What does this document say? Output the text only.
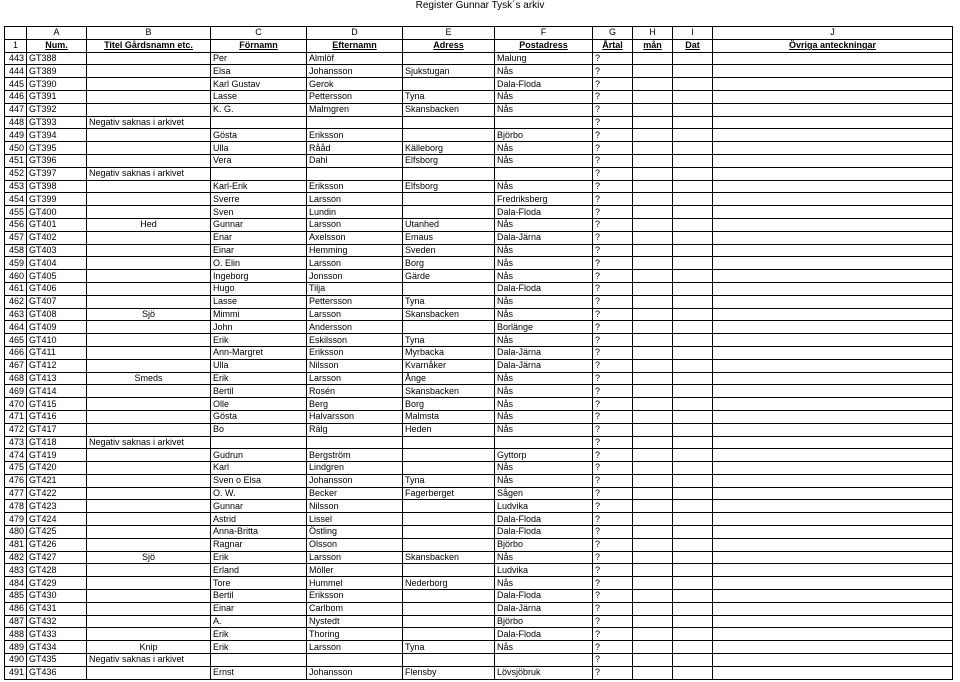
Register Gunnar Tysk´s arkiv
	A	B	C	D	E	F	G	H	I	J
1	Num.	Titel Gårdsnamn etc.	Förnamn	Efternamn	Adress	Postadress	Årtal	mån	Dat	Övriga anteckningar
443	GT388		Per	Almlöf		Malung	?			
444	GT389		Elsa	Johansson	Sjukstugan	Nås	?			
445	GT390		Karl Gustav	Gerok		Dala-Floda	?			
446	GT391		Lasse	Pettersson	Tyna	Nås	?			
447	GT392		K. G.	Malmgren	Skansbacken	Nås	?			
448	GT393	Negativ saknas i arkivet					?			
449	GT394		Gösta	Eriksson		Björbo	?			
450	GT395		Ulla	Rååd	Källeborg	Nås	?			
451	GT396		Vera	Dahl	Elfsborg	Nås	?			
452	GT397	Negativ saknas i arkivet					?			
453	GT398		Karl-Erik	Eriksson	Elfsborg	Nås	?			
454	GT399		Sverre	Larsson		Fredriksberg	?			
455	GT400		Sven	Lundin		Dala-Floda	?			
456	GT401	Hed	Gunnar	Larsson	Utanhed	Nås	?			
457	GT402		Enar	Axelsson	Emaus	Dala-Järna	?			
458	GT403		Einar	Hemming	Sveden	Nås	?			
459	GT404		O. Elin	Larsson	Borg	Nås	?			
460	GT405		Ingeborg	Jonsson	Gärde	Nås	?			
461	GT406		Hugo	Tilja		Dala-Floda	?			
462	GT407		Lasse	Pettersson	Tyna	Nås	?			
463	GT408	Sjö	Mimmi	Larsson	Skansbacken	Nås	?			
464	GT409		John	Andersson		Borlänge	?			
465	GT410		Erik	Eskilsson	Tyna	Nås	?			
466	GT411		Ann-Margret	Eriksson	Myrbacka	Dala-Järna	?			
467	GT412		Ulla	Nilsson	Kvarnåker	Dala-Järna	?			
468	GT413	Smeds	Erik	Larsson	Ånge	Nås	?			
469	GT414		Bertil	Rosén	Skansbacken	Nås	?			
470	GT415		Olle	Berg	Borg	Nås	?			
471	GT416		Gösta	Halvarsson	Malmsta	Nås	?			
472	GT417		Bo	Rälg	Heden	Nås	?			
473	GT418	Negativ saknas i arkivet					?			
474	GT419		Gudrun	Bergström		Gyttorp	?			
475	GT420		Karl	Lindgren		Nås	?			
476	GT421		Sven o Elsa	Johansson	Tyna	Nås	?			
477	GT422		O. W.	Becker	Fagerberget	Sågen	?			
478	GT423		Gunnar	Nilsson		Ludvika	?			
479	GT424		Astrid	Lissel		Dala-Floda	?			
480	GT425		Anna-Britta	Östling		Dala-Floda	?			
481	GT426		Ragnar	Olsson		Björbo	?			
482	GT427	Sjö	Erik	Larsson	Skansbacken	Nås	?			
483	GT428		Erland	Möller		Ludvika	?			
484	GT429		Tore	Hummel	Nederborg	Nås	?			
485	GT430		Bertil	Eriksson		Dala-Floda	?			
486	GT431		Einar	Carlbom		Dala-Järna	?			
487	GT432		A.	Nystedt		Björbo	?			
488	GT433		Erik	Thoring		Dala-Floda	?			
489	GT434	Knip	Erik	Larsson	Tyna	Nås	?			
490	GT435	Negativ saknas i arkivet					?			
491	GT436		Ernst	Johansson	Flensby	Lövsjöbruk	?			
